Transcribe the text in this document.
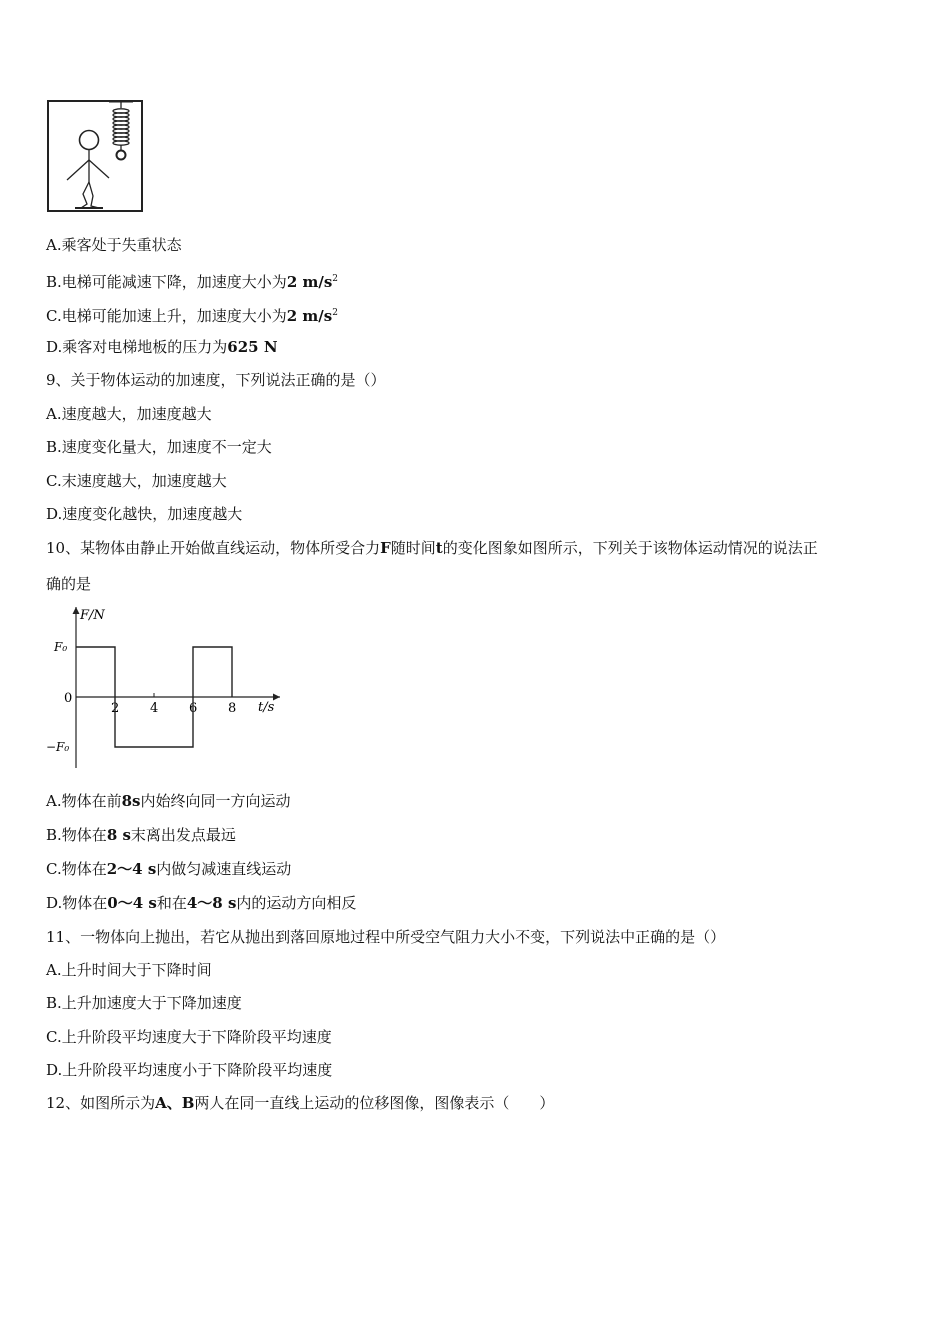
A.乘客处于失重状态
B.电梯可能减速下降，加速度大小为2 $m/s^2$
C.电梯可能加速上升，加速度大小为2 $m/s^2$
D.乘客对电梯地板的压力为625 N
9、关于物体运动的加速度，下列说法正确的是（）
A.速度越大，加速度越大
B.速度变化量大，加速度不一定大
C.末速度越大，加速度越大
D.速度变化越快，加速度越大
10、某物体由静止开始做直线运动，物体所受合力F随时间t的变化图象如图所示，下列关于该物体运动情况的说法正
确的是
F/N
t/s
F₀
0
−F₀
2 4 6 8
A.物体在前8s内始终向同一方向运动
B.物体在8 s末离出发点最远
C.物体在2～4 s内做匀减速直线运动
D.物体在0～4 s和在4～8 s内的运动方向相反
11、一物体向上抛出，若它从抛出到落回原地过程中所受空气阻力大小不变，下列说法中正确的是（）
A.上升时间大于下降时间
B.上升加速度大于下降加速度
C.上升阶段平均速度大于下降阶段平均速度
D.上升阶段平均速度小于下降阶段平均速度
12、如图所示为A、B两人在同一直线上运动的位移图像，图像表示（　　）
